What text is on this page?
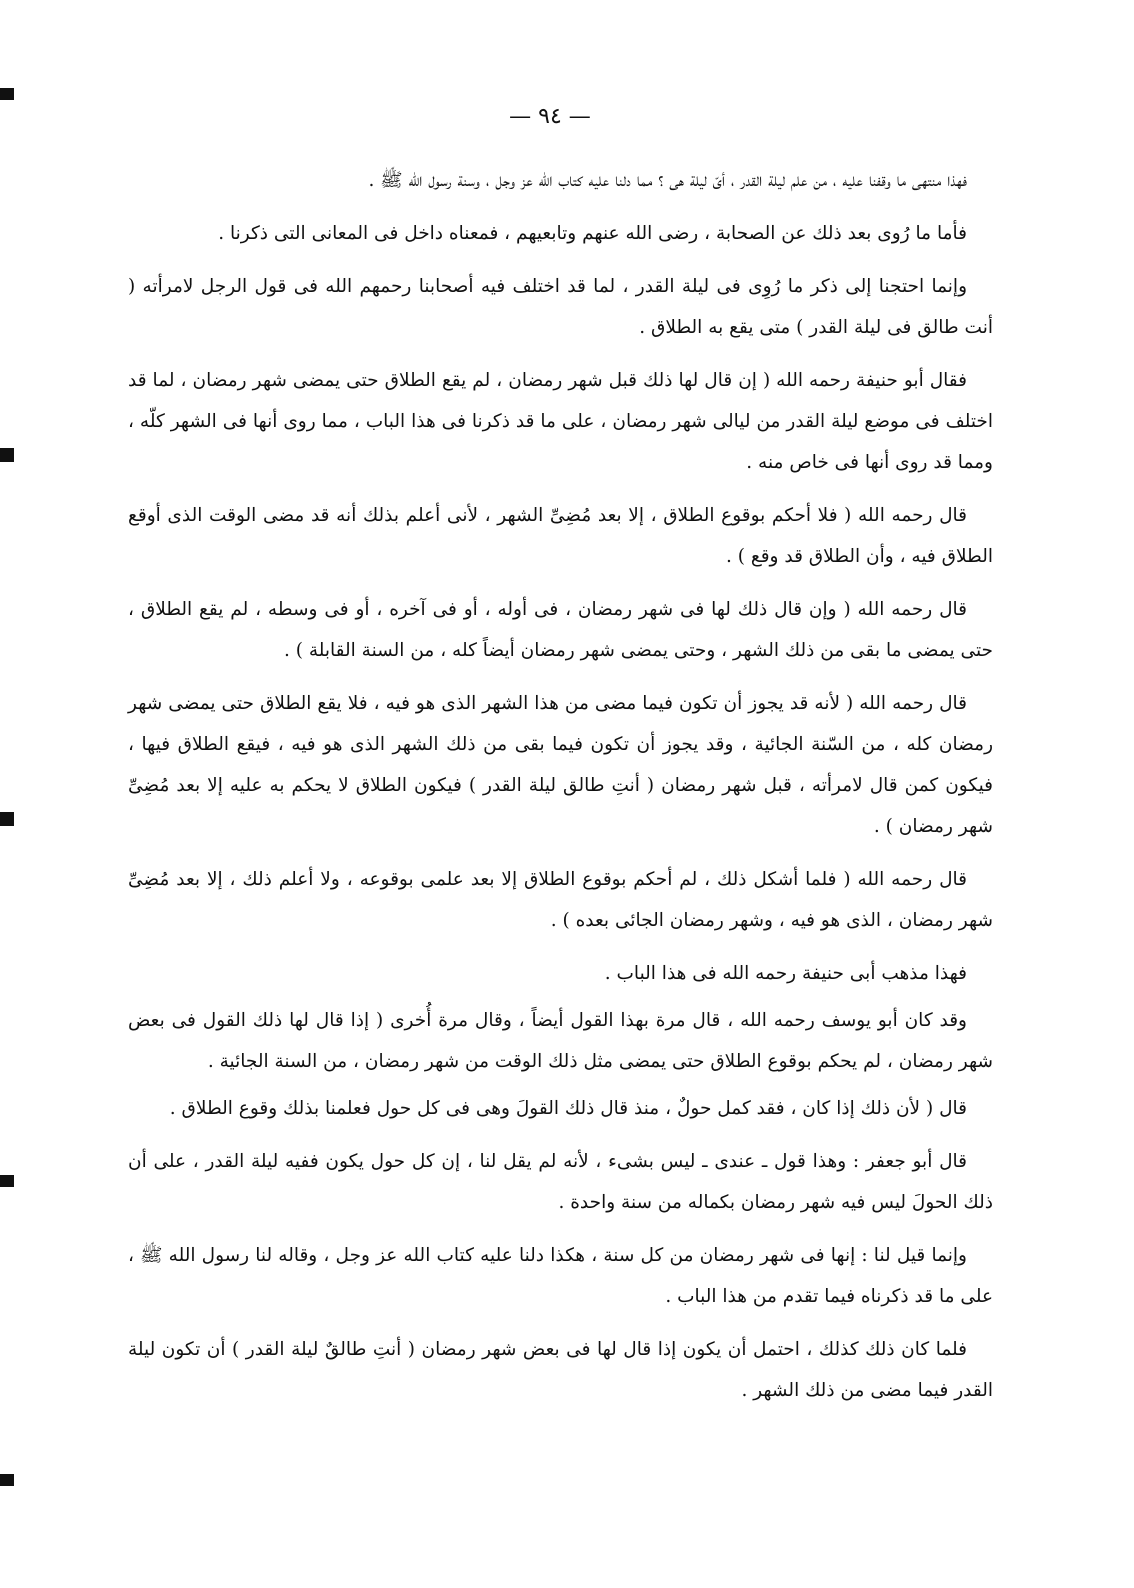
— ٩٤ —

فهذا منتهى ما وقفنا عليه ، من علم ليلة القدر ، أىّ ليلة هى ؟ مما دلنا عليه كتاب الله عز وجل ، وسنة رسول الله ﷺ .

فأما ما رُوى بعد ذلك عن الصحابة ، رضى الله عنهم وتابعيهم ، فمعناه داخل فى المعانى التى ذكرنا .

وإنما احتجنا إلى ذكر ما رُوِى فى ليلة القدر ، لما قد اختلف فيه أصحابنا رحمهم الله فى قول الرجل لامرأته ( أنت طالق فى ليلة القدر ) متى يقع به الطلاق .

فقال أبو حنيفة رحمه الله ( إن قال لها ذلك قبل شهر رمضان ، لم يقع الطلاق حتى يمضى شهر رمضان ، لما قد اختلف فى موضع ليلة القدر من ليالى شهر رمضان ، على ما قد ذكرنا فى هذا الباب ، مما روى أنها فى الشهر كلّه ، ومما قد روى أنها فى خاص منه .

قال رحمه الله ( فلا أحكم بوقوع الطلاق ، إلا بعد مُضِىِّ الشهر ، لأنى أعلم بذلك أنه قد مضى الوقت الذى أوقع الطلاق فيه ، وأن الطلاق قد وقع ) .

قال رحمه الله ( وإن قال ذلك لها فى شهر رمضان ، فى أوله ، أو فى آخره ، أو فى وسطه ، لم يقع الطلاق ، حتى يمضى ما بقى من ذلك الشهر ، وحتى يمضى شهر رمضان أيضاً كله ، من السنة القابلة ) .

قال رحمه الله ( لأنه قد يجوز أن تكون فيما مضى من هذا الشهر الذى هو فيه ، فلا يقع الطلاق حتى يمضى شهر رمضان كله ، من السّنة الجائية ، وقد يجوز أن تكون فيما بقى من ذلك الشهر الذى هو فيه ، فيقع الطلاق فيها ، فيكون كمن قال لامرأته ، قبل شهر رمضان ( أنتِ طالق ليلة القدر ) فيكون الطلاق لا يحكم به عليه إلا بعد مُضِىِّ شهر رمضان ) .

قال رحمه الله ( فلما أشكل ذلك ، لم أحكم بوقوع الطلاق إلا بعد علمى بوقوعه ، ولا أعلم ذلك ، إلا بعد مُضِىِّ شهر رمضان ، الذى هو فيه ، وشهر رمضان الجائى بعده ) .

فهذا مذهب أبى حنيفة رحمه الله فى هذا الباب .

وقد كان أبو يوسف رحمه الله ، قال مرة بهذا القول أيضاً ، وقال مرة أُخرى ( إذا قال لها ذلك القول فى بعض شهر رمضان ، لم يحكم بوقوع الطلاق حتى يمضى مثل ذلك الوقت من شهر رمضان ، من السنة الجائية .

قال ( لأن ذلك إذا كان ، فقد كمل حولٌ ، منذ قال ذلك القولَ وهى فى كل حول فعلمنا بذلك وقوع الطلاق .

قال أبو جعفر : وهذا قول ـ عندى ـ ليس بشىء ، لأنه لم يقل لنا ، إن كل حول يكون ففيه ليلة القدر ، على أن ذلك الحولَ ليس فيه شهر رمضان بكماله من سنة واحدة .

وإنما قيل لنا : إنها فى شهر رمضان من كل سنة ، هكذا دلنا عليه كتاب الله عز وجل ، وقاله لنا رسول الله ﷺ ، على ما قد ذكرناه فيما تقدم من هذا الباب .

فلما كان ذلك كذلك ، احتمل أن يكون إذا قال لها فى بعض شهر رمضان ( أنتِ طالقٌ ليلة القدر ) أن تكون ليلة القدر فيما مضى من ذلك الشهر .
